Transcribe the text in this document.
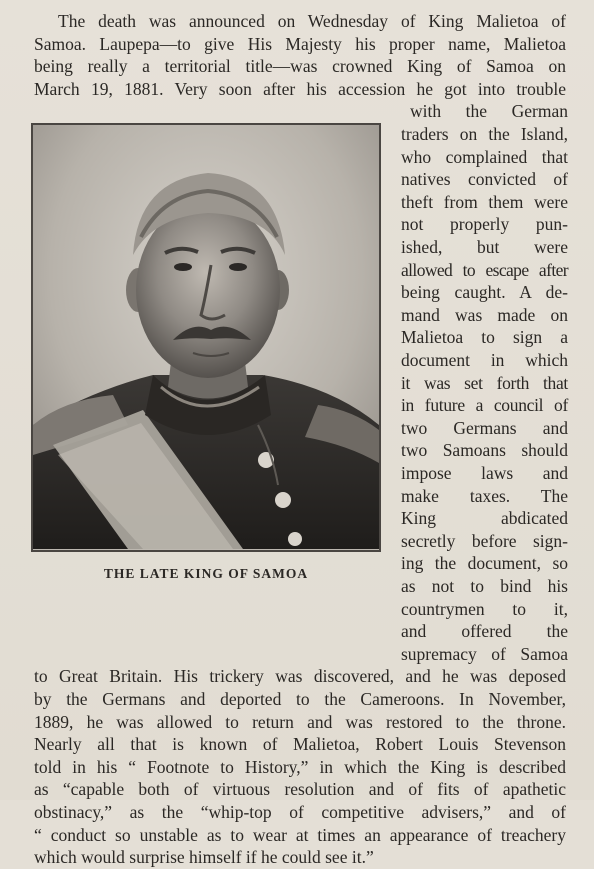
The death was announced on Wednesday of King Malietoa of
Samoa. Laupepa—to give His Majesty his proper name, Malietoa
being really a territorial title—was crowned King of Samoa on
March 19, 1881. Very soon after his accession he got into trouble
with the German
traders on the Island,
who complained that
natives convicted of
theft from them were
not properly pun-
ished, but were
allowed to escape after
being caught. A de-
mand was made on
Malietoa to sign a
document in which
it was set forth that
in future a council of
two Germans and
two Samoans should
impose laws and
make taxes. The
King abdicated
secretly before sign-
ing the document, so
as not to bind his
countrymen to it,
and offered the
supremacy of Samoa
THE LATE KING OF SAMOA
to Great Britain. His trickery was discovered, and he was deposed
by the Germans and deported to the Cameroons. In November,
1889, he was allowed to return and was restored to the throne.
Nearly all that is known of Malietoa, Robert Louis Stevenson
told in his “ Footnote to History,” in which the King is described
as “capable both of virtuous resolution and of fits of apathetic
obstinacy,” as the “whip-top of competitive advisers,” and of
“ conduct so unstable as to wear at times an appearance of treachery
which would surprise himself if he could see it.”
